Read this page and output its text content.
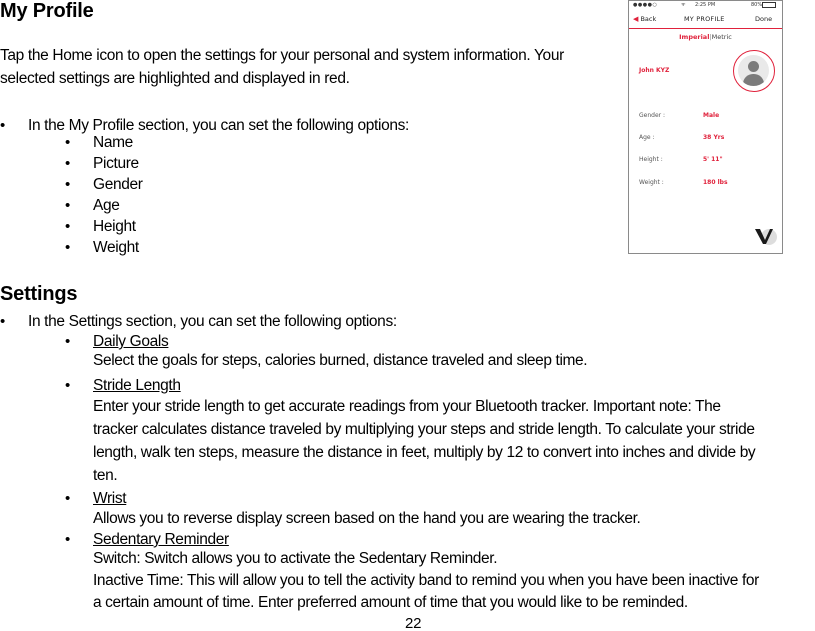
My Profile

Tap the Home icon to open the settings for your personal and system information. Your

selected settings are highlighted and displayed in red.

• In the My Profile section, you can set the following options:
• Name
• Picture
• Gender
• Age
• Height
• Weight
Settings
• In the Settings section, you can set the following options:
• Daily Goals

Select the goals for steps, calories burned, distance traveled and sleep time.

• Stride Length

Enter your stride length to get accurate readings from your Bluetooth tracker. Important note: The

tracker calculates distance traveled by multiplying your steps and stride length. To calculate your stride

length, walk ten steps, measure the distance in feet, multiply by 12 to convert into inches and divide by

ten.

• Wrist

Allows you to reverse display screen based on the hand you are wearing the tracker.

• Sedentary Reminder

Switch: Switch allows you to activate the Sedentary Reminder.

Inactive Time: This will allow you to tell the activity band to remind you when you have been inactive for

a certain amount of time. Enter preferred amount of time that you would like to be reminded.

22
●●●●○	ᯤ 2:25 PM	80%
◀ Back	MY PROFILE	Done
Imperial|Metric
John KYZ
Gender :	Male
Age :	38 Yrs
Height :	5' 11"
Weight :	180 lbs
